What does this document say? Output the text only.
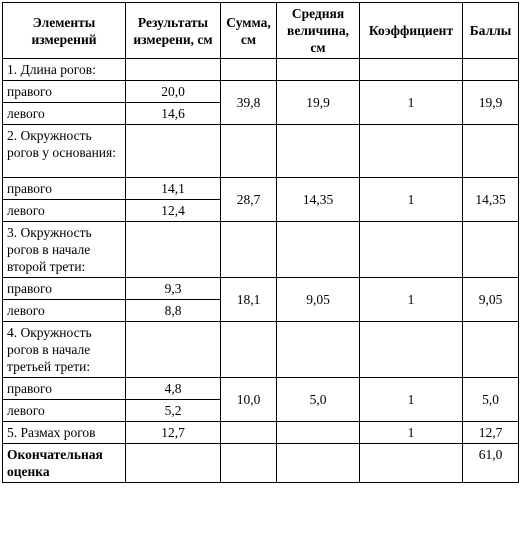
Элементы измерений	Результаты измерени, см	Сумма, см	Средняя величина, см	Коэффициент	Баллы
1. Длина рогов:					
правого	20,0	39,8	19,9	1	19,9
левого	14,6				
2. Окружность рогов у основания:					
правого	14,1	28,7	14,35	1	14,35
левого	12,4				
3. Окружность рогов в начале второй трети:					
правого	9,3	18,1	9,05	1	9,05
левого	8,8				
4. Окружность рогов в начале третьей трети:					
правого	4,8	10,0	5,0	1	5,0
левого	5,2				
5. Размах рогов	12,7			1	12,7
Окончательная оценка					61,0
